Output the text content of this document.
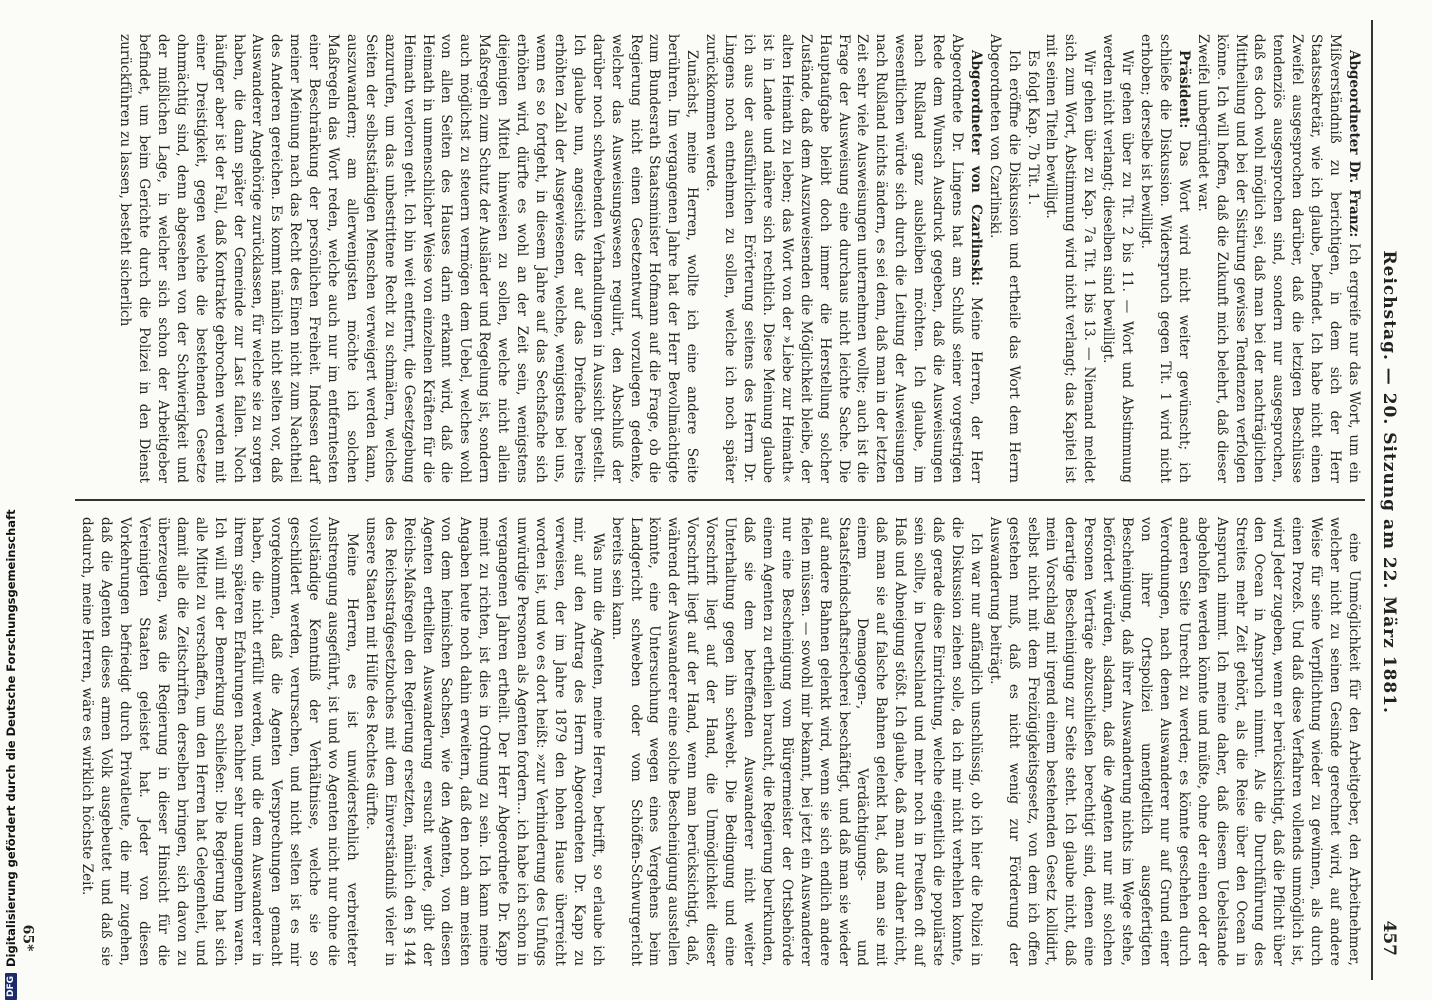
Reichstag. — 20. Sitzung am 22. März 1881.
457

Abgeordneter Dr. Franz: Ich ergreife nur das Wort, um ein Mißverständniß zu berichtigen, in dem sich der Herr Staatssekretär, wie ich glaube, befindet. Ich habe nicht einen Zweifel ausgesprochen darüber, daß die letzigen Beschlüsse tendenziös ausgesprochen sind, sondern nur ausgesprochen, daß es doch wohl möglich sei, daß man bei der nachträglichen Mittheilung und bei der Sistirung gewisse Tendenzen verfolgen könne. Ich will hoffen, daß die Zukunft mich belehrt, daß dieser Zweifel unbegründet war.

Präsident: Das Wort wird nicht weiter gewünscht; ich schließe die Diskussion. Widerspruch gegen Tit. 1 wird nicht erhoben; derselbe ist bewilligt.

Wir gehen über zu Tit. 2 bis 11. — Wort und Abstimmung werden nicht verlangt; dieselben sind bewilligt.

Wir gehen über zu Kap. 7a Tit. 1 bis 13. — Niemand meldet sich zum Wort, Abstimmung wird nicht verlangt; das Kapitel ist mit seinen Titeln bewilligt.

Es folgt Kap. 7b Tit. 1.

Ich eröffne die Diskussion und ertheile das Wort dem Herrn Abgeordneten von Czarlinski.

Abgeordneter von Czarlinski: Meine Herren, der Herr Abgeordnete Dr. Lingens hat am Schluß seiner vorgestrigen Rede dem Wunsch Ausdruck gegeben, daß die Ausweisungen nach Rußland ganz ausbleiben möchten. Ich glaube, im wesentlichen würde sich durch die Leitung der Ausweisungen nach Rußland nichts ändern, es sei denn, daß man in der letzten Zeit sehr viele Ausweisungen unternehmen wollte; auch ist die Frage der Ausweisung eine durchaus nicht leichte Sache. Die Hauptaufgabe bleibt doch immer die Herstellung solcher Zustände, daß dem Auszuweisenden die Möglichkeit bleibe, der alten Heimath zu leben; das Wort von der »Liebe zur Heimath« ist in Lande und nähere sich rechtlich. Diese Meinung glaube ich aus der ausführlichen Erörterung seitens des Herrn Dr. Lingens noch entnehmen zu sollen, welche ich noch später zurückkommen werde.

Zunächst, meine Herren, wollte ich eine andere Seite berühren. Im vergangenen Jahre hat der Herr Bevollmächtigte zum Bundesrath Staatsminister Hofmann auf die Frage, ob die Regierung nicht einen Gesetzentwurf vorzulegen gedenke, welcher das Ausweisungswesen regulirt, den Abschluß der darüber noch schwebenden Verhandlungen in Aussicht gestellt. Ich glaube nun, angesichts der auf das Dreifache bereits erhöhten Zahl der Ausgewiesenen, welche, wenigstens bei uns, wenn es so fortgeht, in diesem Jahre auf das Sechsfache sich erhöhen wird, dürfte es wohl an der Zeit sein, wenigstens diejenigen Mittel hinweisen zu sollen, welche nicht allein Maßregeln zum Schutz der Ausländer und Regelung ist, sondern auch möglichst zu steuern vermögen dem Uebel, welches wohl von allen Seiten des Hauses darin erkannt wird, daß die Heimath in unmenschlicher Weise von einzelnen Kräften für die Heimath verloren geht. Ich bin weit entfernt, die Gesetzgebung anzurufen, um das unbestrittene Recht zu schmälern, welches Seiten der selbstständigen Menschen verweigert werden kann, auszuwandern; am allerwenigsten möchte ich solchen Maßregeln das Wort reden, welche auch nur im entferntesten einer Beschränkung der persönlichen Freiheit. Indessen darf meiner Meinung nach das Recht des Einen nicht zum Nachtheil des Anderen gereichen. Es kommt nämlich nicht selten vor, daß Auswanderer Angehörige zurücklassen, für welche sie zu sorgen haben, die dann später der Gemeinde zur Last fallen. Noch häufiger aber ist der Fall, daß Kontrakte gebrochen werden mit einer Dreistigkeit, gegen welche die bestehenden Gesetze ohnmächtig sind, denn abgesehen von der Schwierigkeit und der mißlichen Lage, in welcher sich schon der Arbeitgeber befindet, um beim Gerichte durch die Polizei in den Dienst zurückführen zu lassen, besteht sicherlich

eine Unmöglichkeit für den Arbeitgeber, den Arbeitnehmer, welcher nicht zu seinen Gesinde gerechnet wird, auf andere Weise für seine Verpflichtung wieder zu gewinnen, als durch einen Prozeß. Und daß diese Verfahren vollends unmöglich ist, wird Jeder zugeben, wenn er berücksichtigt, daß die Pflicht über den Ocean in Anspruch nimmt. Als die Durchführung des Streites mehr Zeit gehört, als die Reise über den Ocean in Anspruch nimmt. Ich meine daher, daß diesem Uebelstande abgeholfen werden könnte und müßte, ohne der einen oder der anderen Seite Unrecht zu werden; es könnte geschehen durch Verordnungen, nach denen Auswanderer nur auf Grund einer von ihrer Ortspolizei unentgeltlich ausgefertigten Bescheinigung, daß ihrer Auswanderung nichts im Wege stehe, befördert würden, alsdann, daß die Agenten nur mit solchen Personen Verträge abzuschließen berechtigt sind, denen eine derartige Bescheinigung zur Seite steht. Ich glaube nicht, daß mein Vorschlag mit irgend einem bestehenden Gesetz kollidirt, selbst nicht mit dem Freizügigkeitsgesetz, von dem ich offen gestehen muß, daß es nicht wenig zur Förderung der Auswanderung beiträgt.

Ich war nur anfänglich unschlüssig, ob ich hier die Polizei in die Diskussion ziehen solle, da ich mir nicht verhehlen konnte, daß gerade diese Einrichtung, welche eigentlich die populärste sein sollte, in Deutschland und mehr noch in Preußen oft auf Haß und Abneigung stößt. Ich glaube, daß man nur daher nicht, daß man sie auf falsche Bahnen gelenkt hat, daß man sie mit einem Demagogen-, Verdächtigungs- und Staatsfeindschaftsriecherei beschäftigt, und daß man sie wieder auf andere Bahnen gelenkt wird, wenn sie sich endlich andere fielen müssen. — sowohl mir bekannt, bei jetzt ein Auswanderer nur eine Bescheinigung vom Bürgermeister der Ortsbehörde einem Agenten zu ertheilen braucht, die Regierung beurkunden, daß sie dem betreffenden Auswanderer nicht weiter Unterhaltung gegen ihn schwebt. Die Bedingung und eine Vorschrift liegt auf der Hand, die Unmöglichkeit dieser Vorschrift liegt auf der Hand, wenn man berücksichtigt, daß, während der Auswanderer eine solche Bescheinigung ausstellen könnte, eine Untersuchung wegen eines Vergehens beim Landgericht schweben oder vom Schöffen-Schwurgericht bereits sein kann.

Was nun die Agenten, meine Herren, betrifft, so erlaube ich mir, auf den Antrag des Herrn Abgeordneten Dr. Kapp zu verweisen, der im Jahre 1879 den hohen Hause überreicht worden ist, und wo es dort heißt: »zur Verhinderung des Unfugs unwürdige Personen als Agenten fordern... ich habe ich schon in vergangenen Jahren ertheilt. Der Herr Abgeordnete Dr. Kapp meint zu richten, ist dies in Ordnung zu sein. Ich kann meine Angaben heute noch dahin erweitern, daß den noch am meisten von dem heimischen Sachsen, wie den Agenten, von diesen Agenten ertheilten Auswanderung ersucht werde, gibt der Reichs-Maßregeln den Regierung ersetzten, nämlich den § 144 des Reichsstrafgesetzbuches mit dem Einverständniß vieler in unsere Staaten mit Hülfe des Rechtes dürfte.

Meine Herren, es ist unwiderstehlich verbreiteter Anstrengung ausgeführt, ist und wo Agenten nicht nur ohne die vollständige Kenntniß der Verhältnisse, welche sie so geschildert werden, verursachen, und nicht selten ist es mir vorgekommen, daß die Agenten Versprechungen gemacht haben, die nicht erfüllt werden, und die dem Auswanderer in ihrem späteren Erfahrungen nachher sehr unangenehm waren. Ich will mit der Bemerkung schließen: Die Regierung hat sich alle Mittel zu verschaffen, um den Herren hat Gelegenheit, und damit alle die Zeitschriften derselben bringen, sich davon zu überzeugen, was die Regierung in dieser Hinsicht für die Vereinigten Staaten geleistet hat. Jeder von diesen Vorkehrungen befriedigt durch Privatleute, die mir zugehen, daß die Agenten dieses armen Volk ausgebeutet und daß sie dadurch, meine Herren, wäre es wirklich höchste Zeit.

DFG
Digitalisierung gefördert durch die Deutsche Forschungsgemeinschaft 65*
